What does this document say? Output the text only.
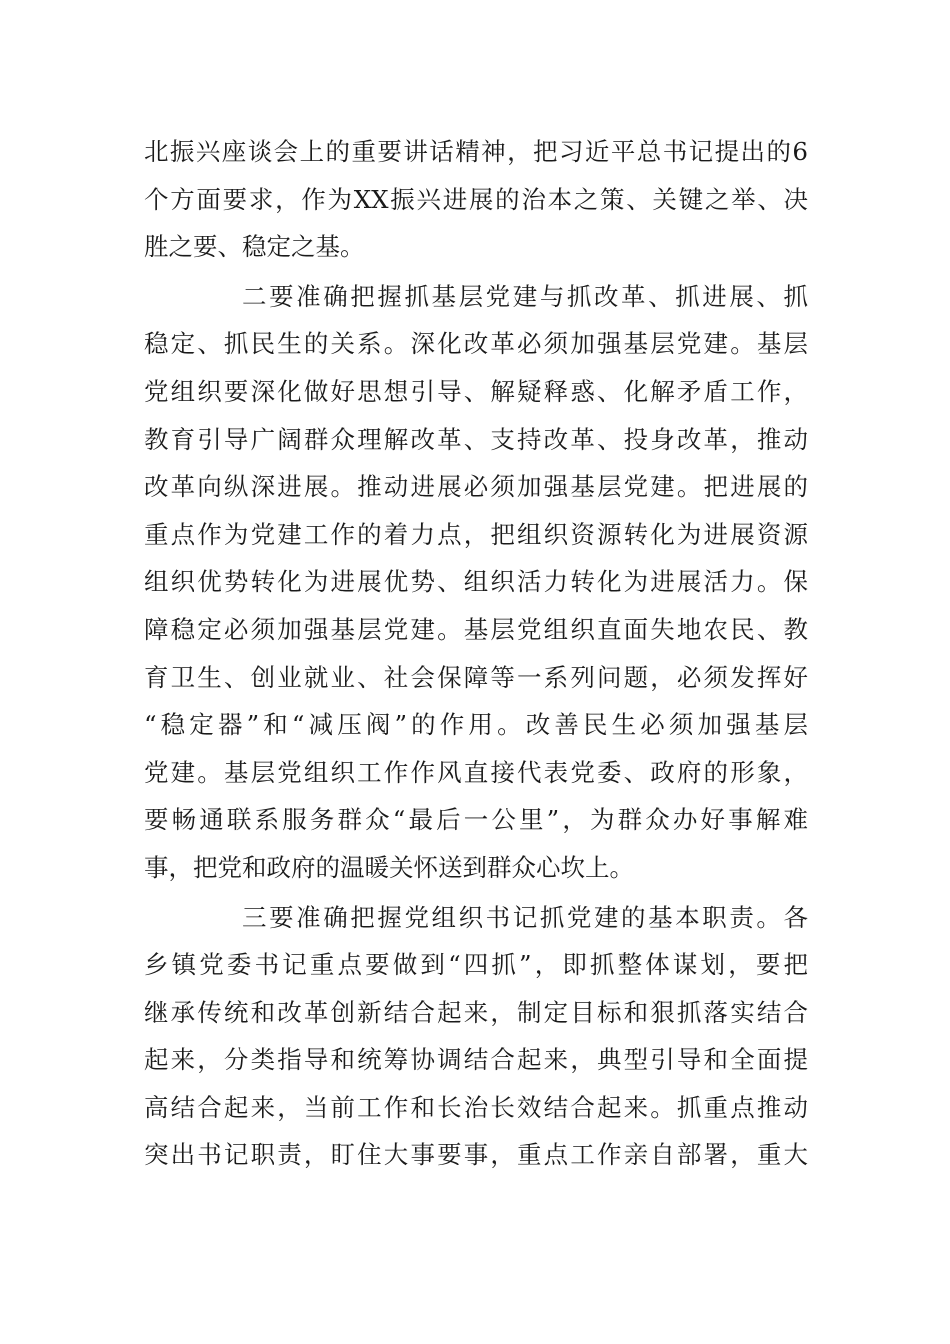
北振兴座谈会上的重要讲话精神，把习近平总书记提出的6
个方面要求，作为XX振兴进展的治本之策、关键之举、决
胜之要、稳定之基。
二要准确把握抓基层党建与抓改革、抓进展、抓
稳定、抓民生的关系。深化改革必须加强基层党建。基层
党组织要深化做好思想引导、解疑释惑、化解矛盾工作，
教育引导广阔群众理解改革、支持改革、投身改革，推动
改革向纵深进展。推动进展必须加强基层党建。把进展的
重点作为党建工作的着力点，把组织资源转化为进展资源
组织优势转化为进展优势、组织活力转化为进展活力。保
障稳定必须加强基层党建。基层党组织直面失地农民、教
育卫生、创业就业、社会保障等一系列问题，必须发挥好
“稳定器”和“减压阀”的作用。改善民生必须加强基层
党建。基层党组织工作作风直接代表党委、政府的形象，
要畅通联系服务群众“最后一公里”，为群众办好事解难
事，把党和政府的温暖关怀送到群众心坎上。
三要准确把握党组织书记抓党建的基本职责。各
乡镇党委书记重点要做到“四抓”，即抓整体谋划，要把
继承传统和改革创新结合起来，制定目标和狠抓落实结合
起来，分类指导和统筹协调结合起来，典型引导和全面提
高结合起来，当前工作和长治长效结合起来。抓重点推动
突出书记职责，盯住大事要事，重点工作亲自部署，重大
